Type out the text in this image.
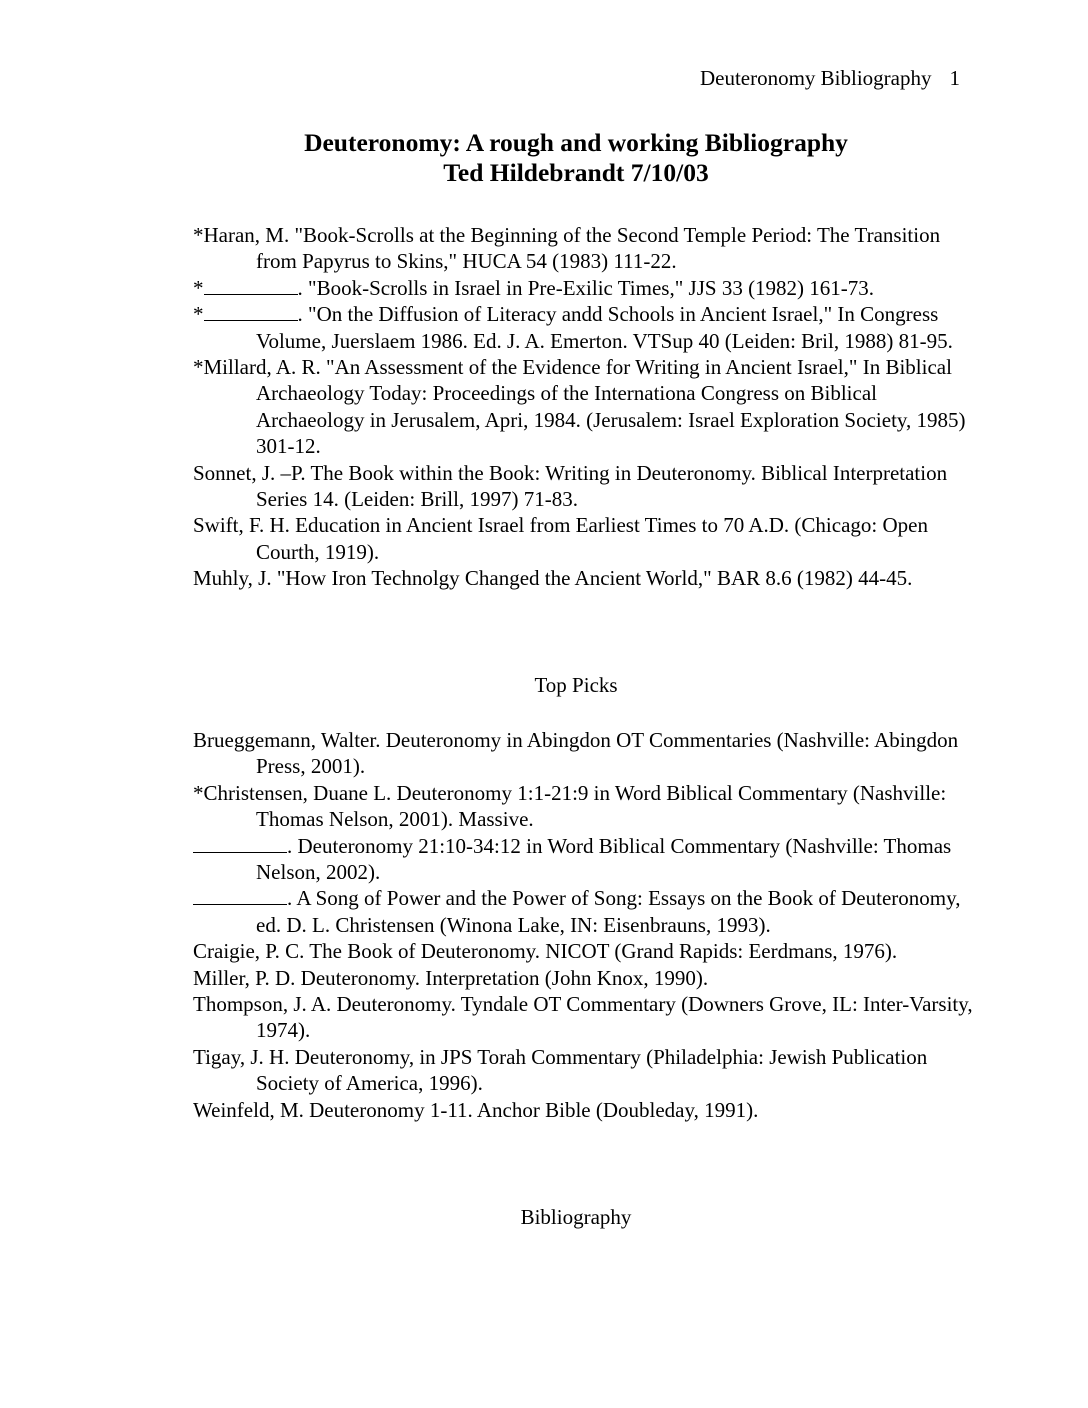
Deuteronomy Bibliography 1
Deuteronomy: A rough and working Bibliography
Ted Hildebrandt 7/10/03

*Haran, M. "Book-Scrolls at the Beginning of the Second Temple Period: The Transition from Papyrus to Skins," HUCA 54 (1983) 111-22.

*	. "Book-Scrolls in Israel in Pre-Exilic Times," JJS 33 (1982) 161-73.

*	. "On the Diffusion of Literacy andd Schools in Ancient Israel," In Congress Volume, Juerslaem 1986. Ed. J. A. Emerton. VTSup 40 (Leiden: Bril, 1988) 81-95.

*Millard, A. R. "An Assessment of the Evidence for Writing in Ancient Israel," In Biblical Archaeology Today: Proceedings of the Internationa Congress on Biblical Archaeology in Jerusalem, Apri, 1984. (Jerusalem: Israel Exploration Society, 1985) 301-12.

Sonnet, J. –P. The Book within the Book: Writing in Deuteronomy. Biblical Interpretation Series 14. (Leiden: Brill, 1997) 71-83.

Swift, F. H. Education in Ancient Israel from Earliest Times to 70 A.D. (Chicago: Open Courth, 1919).

Muhly, J. "How Iron Technolgy Changed the Ancient World," BAR 8.6 (1982) 44-45.

Top Picks

Brueggemann, Walter. Deuteronomy in Abingdon OT Commentaries (Nashville: Abingdon Press, 2001).

*Christensen, Duane L. Deuteronomy 1:1-21:9 in Word Biblical Commentary (Nashville: Thomas Nelson, 2001). Massive.

. Deuteronomy 21:10-34:12 in Word Biblical Commentary (Nashville: Thomas Nelson, 2002).

. A Song of Power and the Power of Song: Essays on the Book of Deuteronomy, ed. D. L. Christensen (Winona Lake, IN: Eisenbrauns, 1993).

Craigie, P. C. The Book of Deuteronomy. NICOT (Grand Rapids: Eerdmans, 1976).

Miller, P. D. Deuteronomy. Interpretation (John Knox, 1990).

Thompson, J. A. Deuteronomy. Tyndale OT Commentary (Downers Grove, IL: Inter-Varsity, 1974).

Tigay, J. H. Deuteronomy, in JPS Torah Commentary (Philadelphia: Jewish Publication Society of America, 1996).

Weinfeld, M. Deuteronomy 1-11. Anchor Bible (Doubleday, 1991).

Bibliography
